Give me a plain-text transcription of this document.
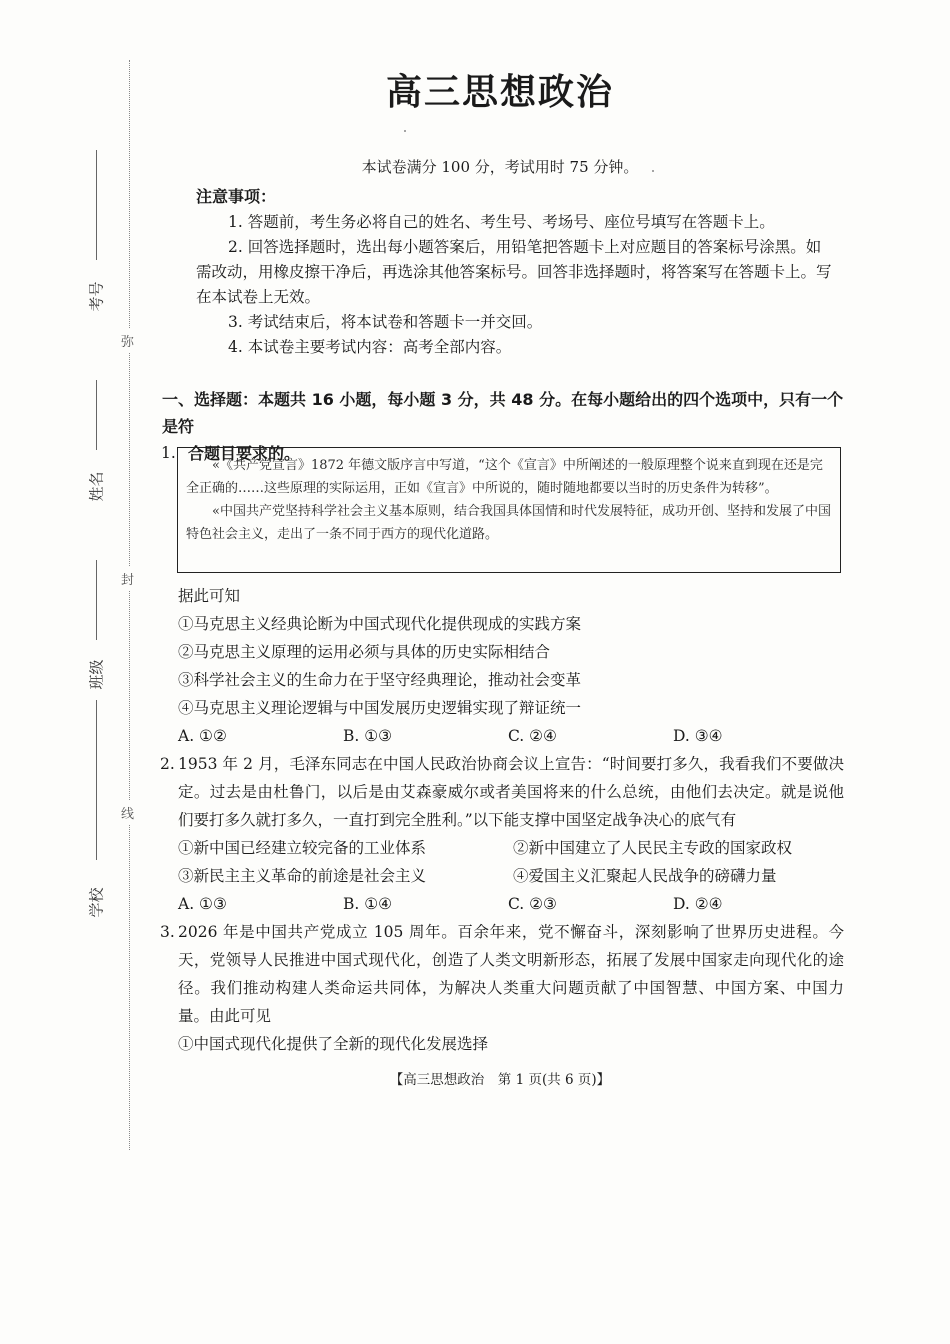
考号
姓名
班级
学校
弥
封
线
高三思想政治
本试卷满分 100 分，考试用时 75 分钟。
注意事项：

1. 答题前，考生务必将自己的姓名、考生号、考场号、座位号填写在答题卡上。

2. 回答选择题时，选出每小题答案后，用铅笔把答题卡上对应题目的答案标号涂黑。如需改动，用橡皮擦干净后，再选涂其他答案标号。回答非选择题时，将答案写在答题卡上。写在本试卷上无效。

3. 考试结束后，将本试卷和答题卡一并交回。

4. 本试卷主要考试内容：高考全部内容。

一、选择题：本题共 16 小题，每小题 3 分，共 48 分。在每小题给出的四个选项中，只有一个是符
合题目要求的。
1.

«《共产党宣言》1872 年德文版序言中写道，“这个《宣言》中所阐述的一般原理整个说来直到现在还是完全正确的……这些原理的实际运用，正如《宣言》中所说的，随时随地都要以当时的历史条件为转移”。

«中国共产党坚持科学社会主义基本原则，结合我国具体国情和时代发展特征，成功开创、坚持和发展了中国特色社会主义，走出了一条不同于西方的现代化道路。

据此可知

①马克思主义经典论断为中国式现代化提供现成的实践方案

②马克思主义原理的运用必须与具体的历史实际相结合

③科学社会主义的生命力在于坚守经典理论，推动社会变革

④马克思主义理论逻辑与中国发展历史逻辑实现了辩证统一

A. ①②	B. ①③	C. ②④	D. ③④
2. 1953 年 2 月，毛泽东同志在中国人民政治协商会议上宣告：“时间要打多久，我看我们不要做决定。过去是由杜鲁门，以后是由艾森豪威尔或者美国将来的什么总统，由他们去决定。就是说他们要打多久就打多久，一直打到完全胜利。”以下能支撑中国坚定战争决心的底气有

①新中国已经建立较完备的工业体系	②新中国建立了人民民主专政的国家政权
③新民主主义革命的前途是社会主义	④爱国主义汇聚起人民战争的磅礴力量
A. ①③	B. ①④	C. ②③	D. ②④
3. 2026 年是中国共产党成立 105 周年。百余年来，党不懈奋斗，深刻影响了世界历史进程。今天，党领导人民推进中国式现代化，创造了人类文明新形态，拓展了发展中国家走向现代化的途径。我们推动构建人类命运共同体，为解决人类重大问题贡献了中国智慧、中国方案、中国力量。由此可见

①中国式现代化提供了全新的现代化发展选择

【高三思想政治　第 1 页(共 6 页)】
